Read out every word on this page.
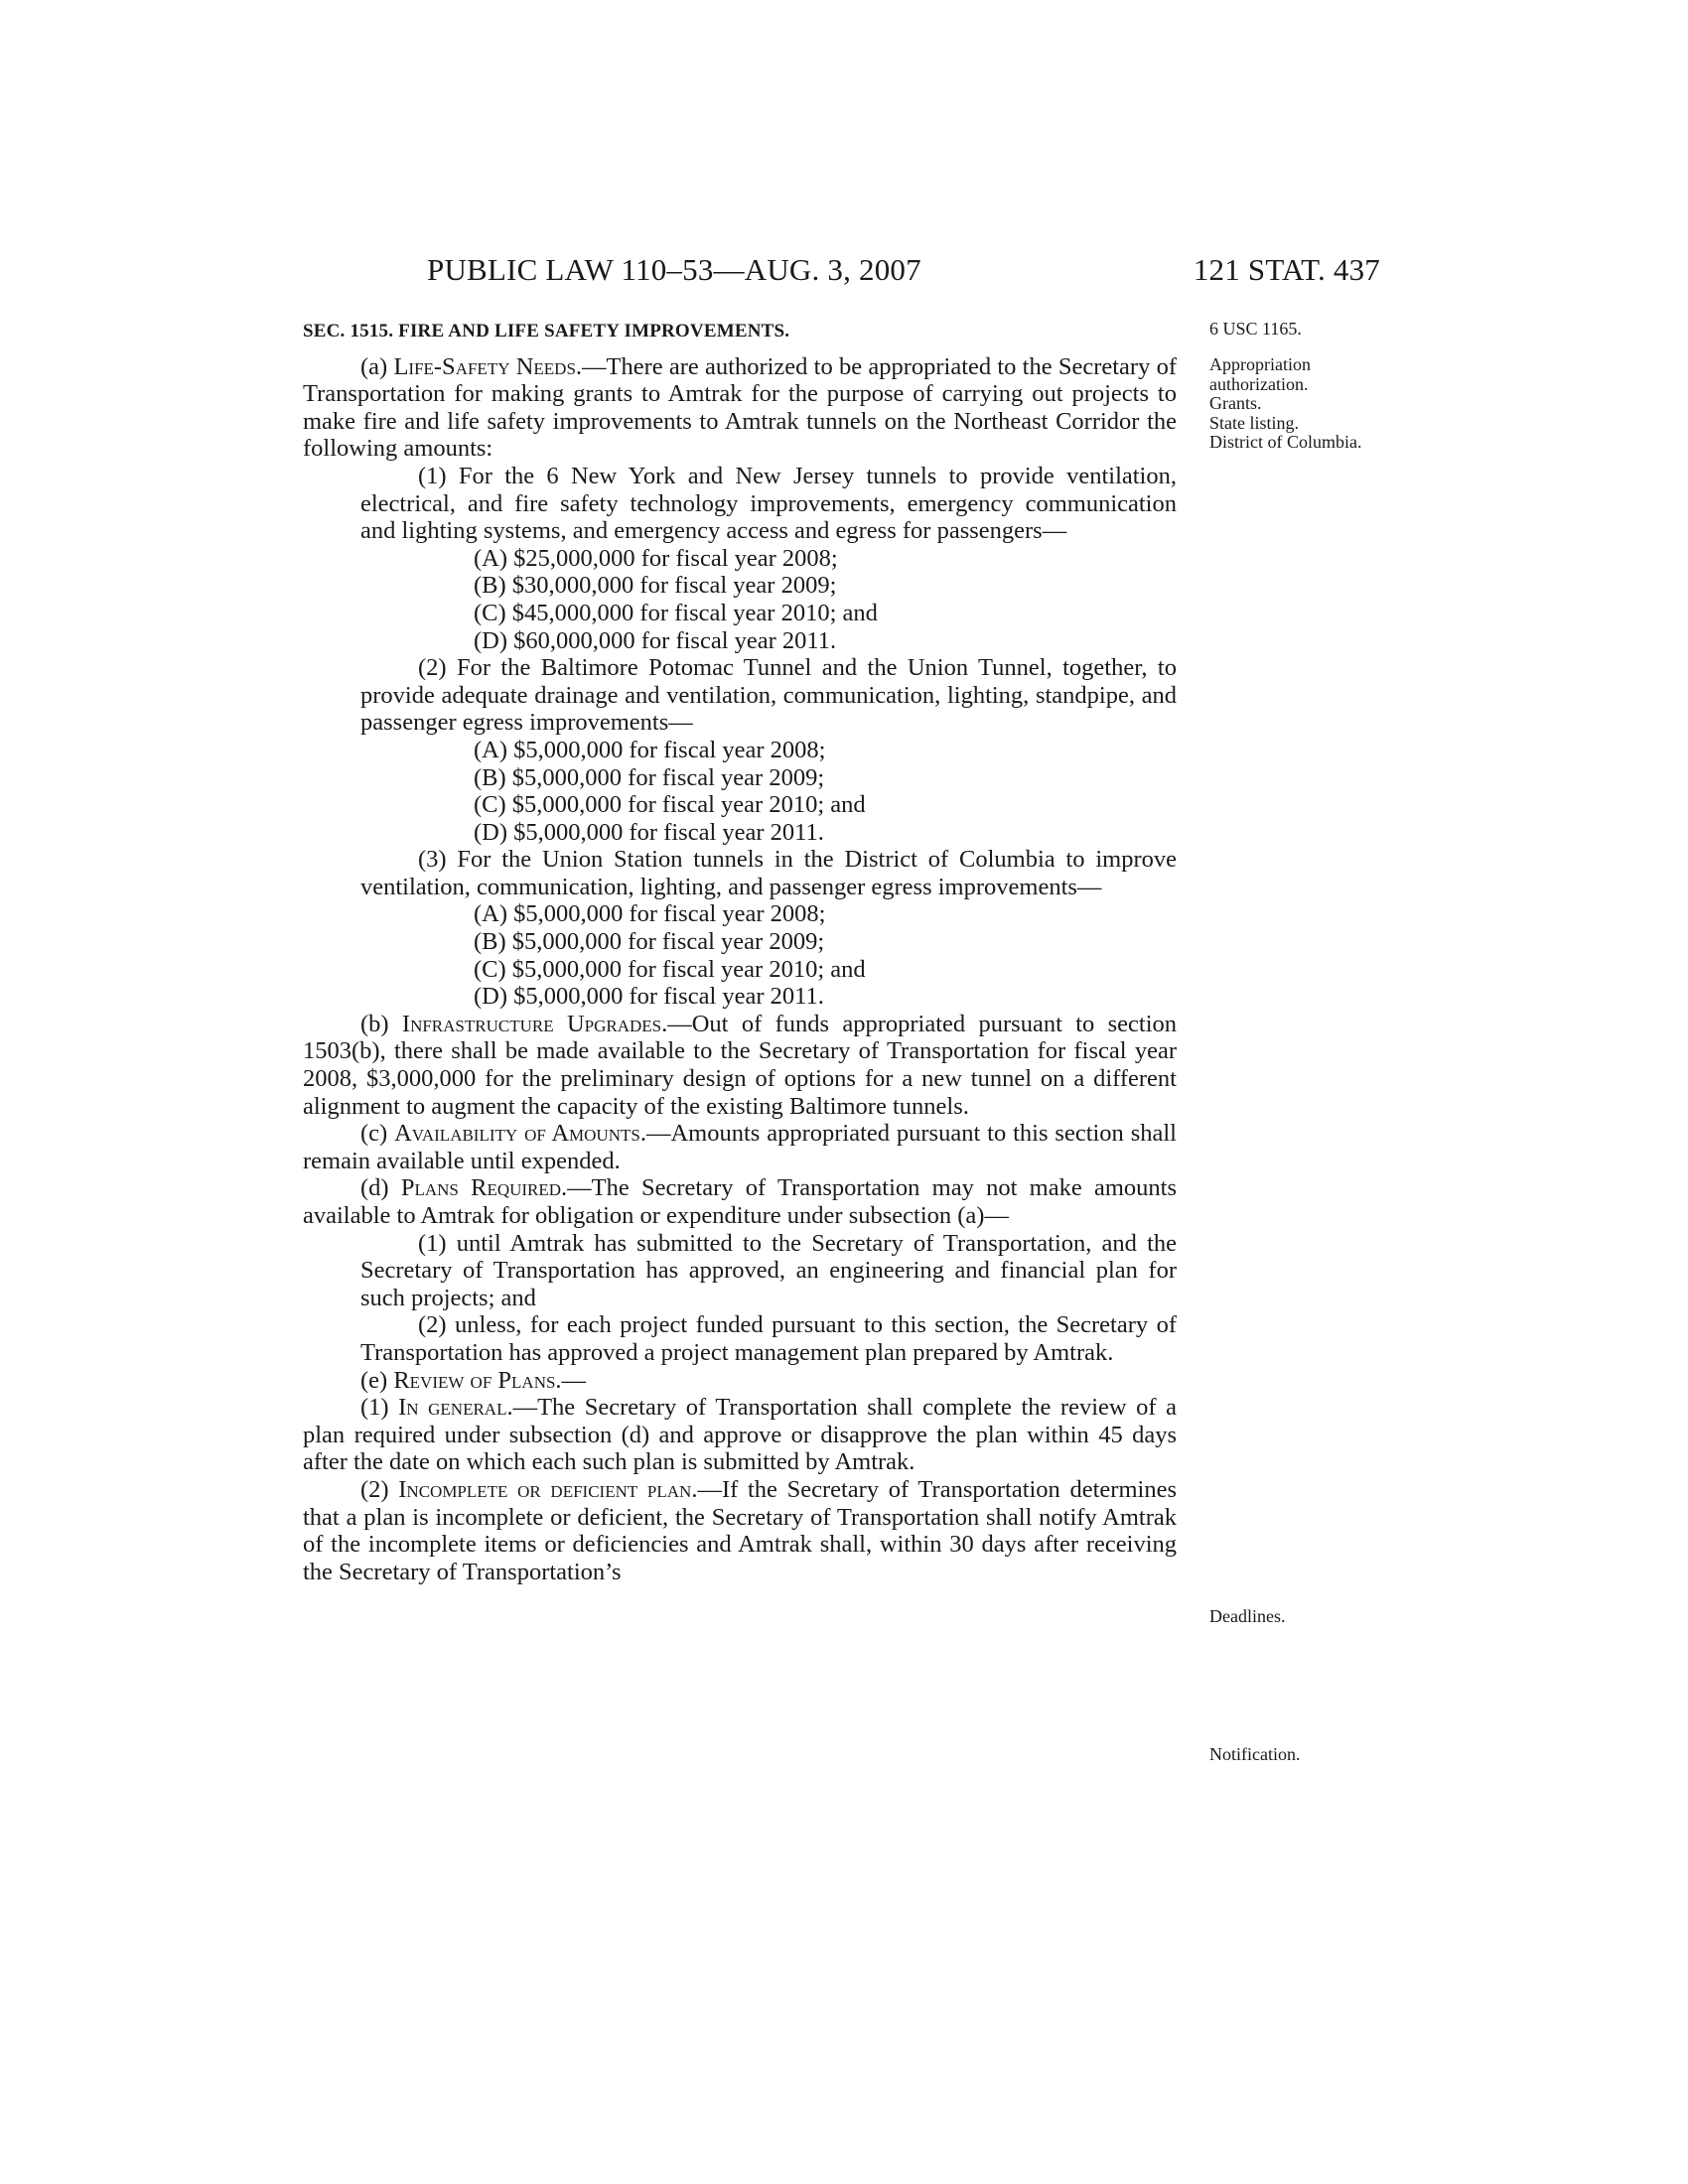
PUBLIC LAW 110–53—AUG. 3, 2007	121 STAT. 437
6 USC 1165.
Appropriation authorization.
Grants.
State listing.
District of Columbia.
Deadlines.
Notification.
SEC. 1515. FIRE AND LIFE SAFETY IMPROVEMENTS.

(a) Life-Safety Needs.—There are authorized to be appropriated to the Secretary of Transportation for making grants to Amtrak for the purpose of carrying out projects to make fire and life safety improvements to Amtrak tunnels on the Northeast Corridor the following amounts:

(1) For the 6 New York and New Jersey tunnels to provide ventilation, electrical, and fire safety technology improvements, emergency communication and lighting systems, and emergency access and egress for passengers—

(A) $25,000,000 for fiscal year 2008;

(B) $30,000,000 for fiscal year 2009;

(C) $45,000,000 for fiscal year 2010; and

(D) $60,000,000 for fiscal year 2011.

(2) For the Baltimore Potomac Tunnel and the Union Tunnel, together, to provide adequate drainage and ventilation, communication, lighting, standpipe, and passenger egress improvements—

(A) $5,000,000 for fiscal year 2008;

(B) $5,000,000 for fiscal year 2009;

(C) $5,000,000 for fiscal year 2010; and

(D) $5,000,000 for fiscal year 2011.

(3) For the Union Station tunnels in the District of Columbia to improve ventilation, communication, lighting, and passenger egress improvements—

(A) $5,000,000 for fiscal year 2008;

(B) $5,000,000 for fiscal year 2009;

(C) $5,000,000 for fiscal year 2010; and

(D) $5,000,000 for fiscal year 2011.

(b) Infrastructure Upgrades.—Out of funds appropriated pursuant to section 1503(b), there shall be made available to the Secretary of Transportation for fiscal year 2008, $3,000,000 for the preliminary design of options for a new tunnel on a different alignment to augment the capacity of the existing Baltimore tunnels.

(c) Availability of Amounts.—Amounts appropriated pursuant to this section shall remain available until expended.

(d) Plans Required.—The Secretary of Transportation may not make amounts available to Amtrak for obligation or expenditure under subsection (a)—

(1) until Amtrak has submitted to the Secretary of Transportation, and the Secretary of Transportation has approved, an engineering and financial plan for such projects; and

(2) unless, for each project funded pursuant to this section, the Secretary of Transportation has approved a project management plan prepared by Amtrak.

(e) Review of Plans.—

(1) In general.—The Secretary of Transportation shall complete the review of a plan required under subsection (d) and approve or disapprove the plan within 45 days after the date on which each such plan is submitted by Amtrak.

(2) Incomplete or deficient plan.—If the Secretary of Transportation determines that a plan is incomplete or deficient, the Secretary of Transportation shall notify Amtrak of the incomplete items or deficiencies and Amtrak shall, within 30 days after receiving the Secretary of Transportation’s
